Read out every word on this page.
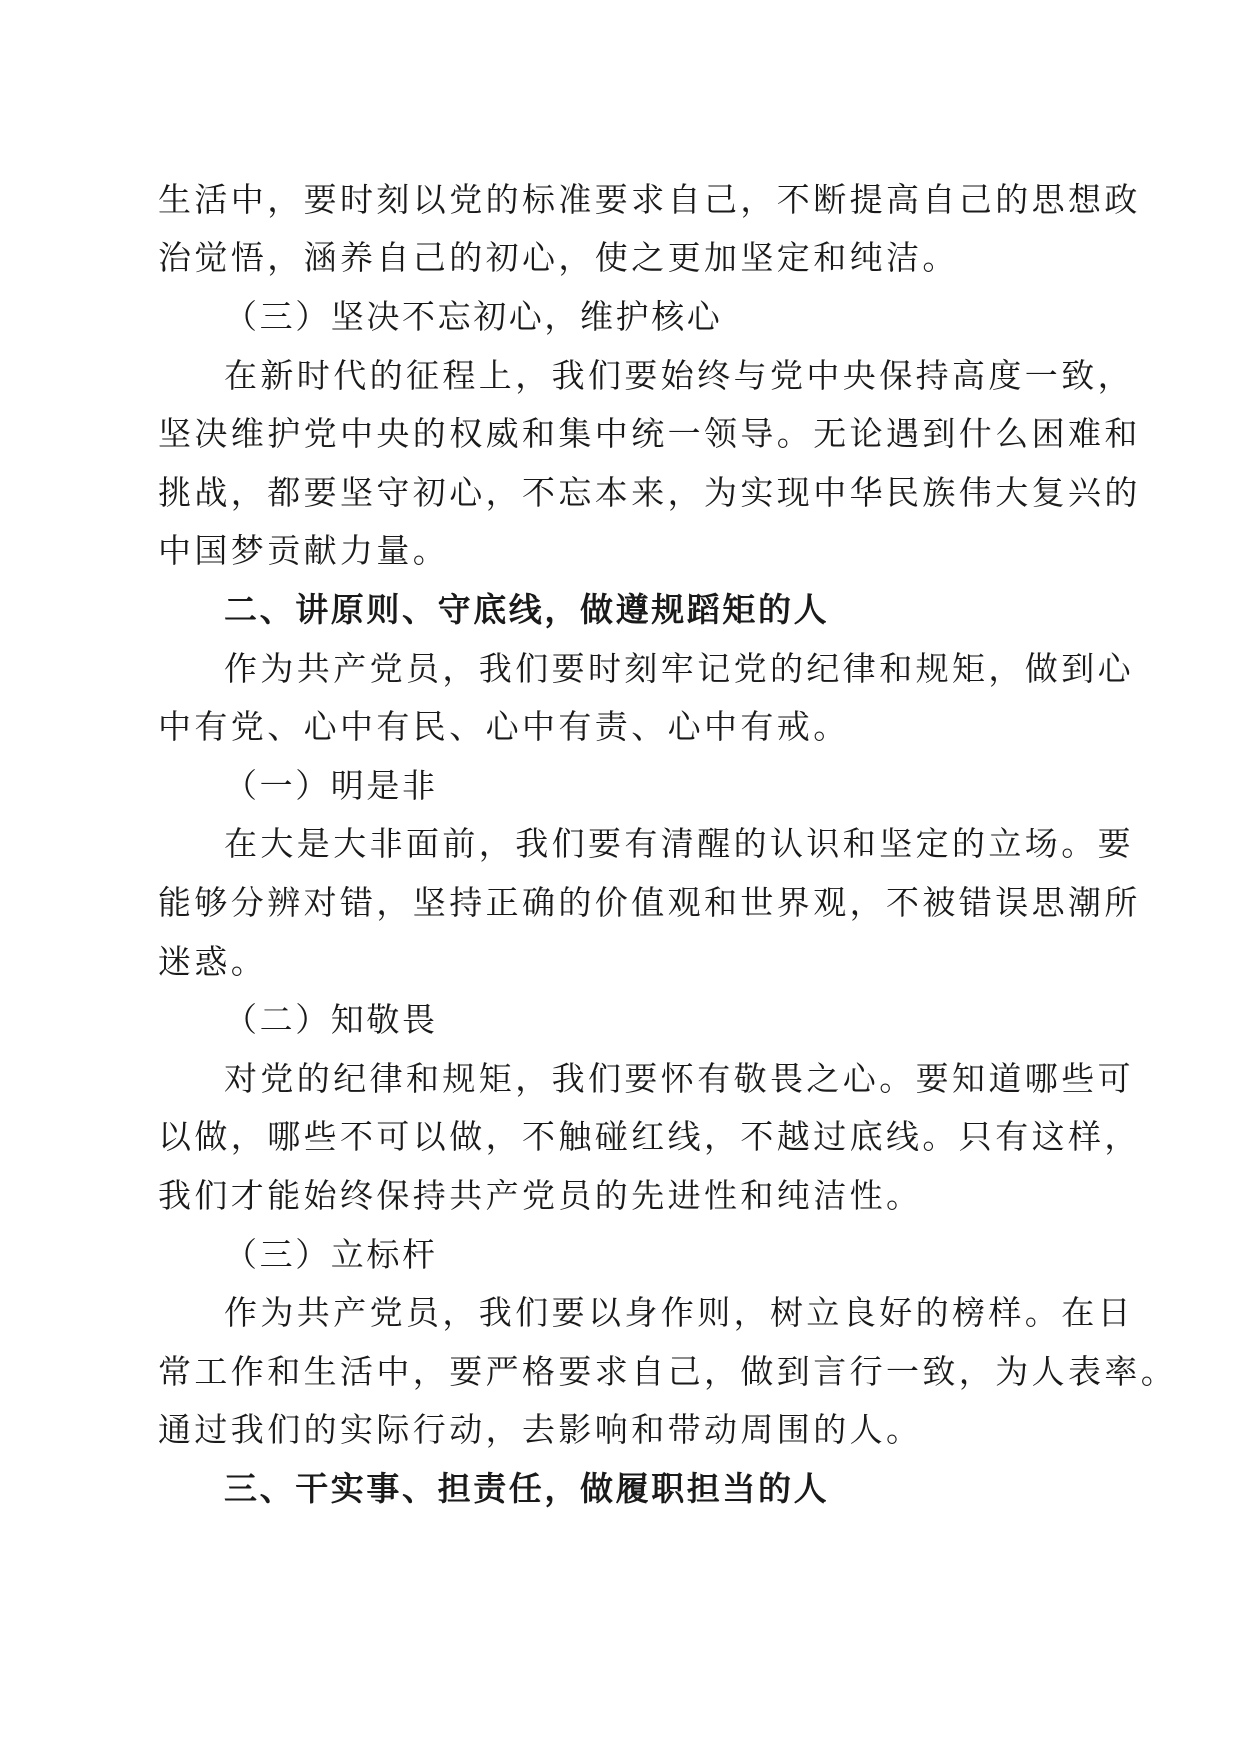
生活中，要时刻以党的标准要求自己，不断提高自己的思想政
治觉悟，涵养自己的初心，使之更加坚定和纯洁。
（三）坚决不忘初心，维护核心
在新时代的征程上，我们要始终与党中央保持高度一致，
坚决维护党中央的权威和集中统一领导。无论遇到什么困难和
挑战，都要坚守初心，不忘本来，为实现中华民族伟大复兴的
中国梦贡献力量。
二、讲原则、守底线，做遵规蹈矩的人
作为共产党员，我们要时刻牢记党的纪律和规矩，做到心
中有党、心中有民、心中有责、心中有戒。
（一）明是非
在大是大非面前，我们要有清醒的认识和坚定的立场。要
能够分辨对错，坚持正确的价值观和世界观，不被错误思潮所
迷惑。
（二）知敬畏
对党的纪律和规矩，我们要怀有敬畏之心。要知道哪些可
以做，哪些不可以做，不触碰红线，不越过底线。只有这样，
我们才能始终保持共产党员的先进性和纯洁性。
（三）立标杆
作为共产党员，我们要以身作则，树立良好的榜样。在日
常工作和生活中，要严格要求自己，做到言行一致，为人表率。
通过我们的实际行动，去影响和带动周围的人。
三、干实事、担责任，做履职担当的人
